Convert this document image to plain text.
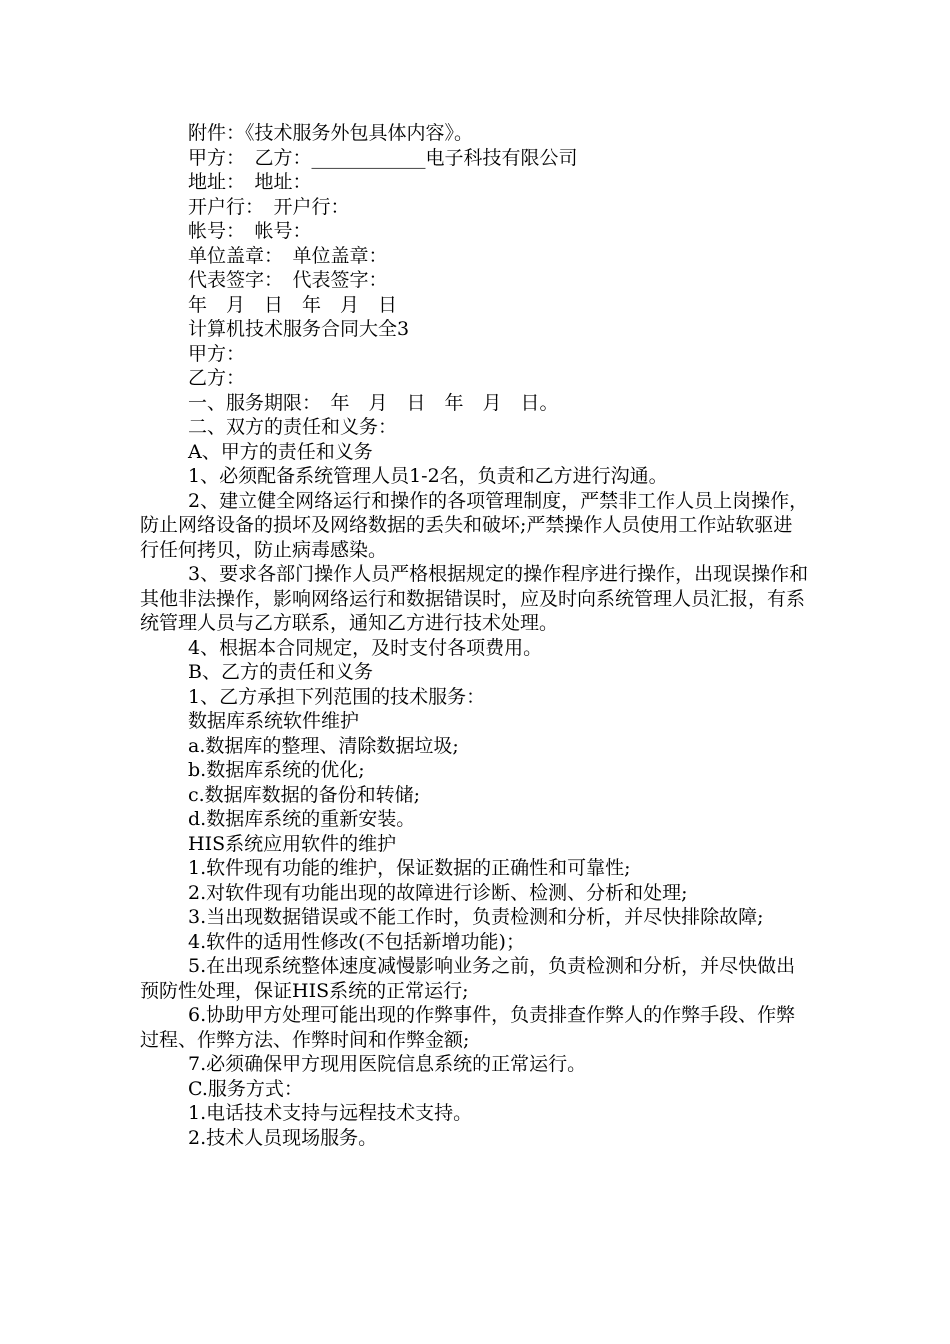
附件：《技术服务外包具体内容》。

甲方：　乙方：____________电子科技有限公司

地址：　地址：

开户行：　开户行：

帐号：　帐号：

单位盖章：　单位盖章：

代表签字：　代表签字：

年　月　日　年　月　日

计算机技术服务合同大全3

甲方：

乙方：

一、服务期限：　年　月　日　年　月　日。

二、双方的责任和义务：

A、甲方的责任和义务

1、必须配备系统管理人员1-2名，负责和乙方进行沟通。

2、建立健全网络运行和操作的各项管理制度，严禁非工作人员上岗操作，防止网络设备的损坏及网络数据的丢失和破坏;严禁操作人员使用工作站软驱进行任何拷贝，防止病毒感染。

3、要求各部门操作人员严格根据规定的操作程序进行操作，出现误操作和其他非法操作，影响网络运行和数据错误时，应及时向系统管理人员汇报，有系统管理人员与乙方联系，通知乙方进行技术处理。

4、根据本合同规定，及时支付各项费用。

B、乙方的责任和义务

1、乙方承担下列范围的技术服务：

数据库系统软件维护

a.数据库的整理、清除数据垃圾;

b.数据库系统的优化;

c.数据库数据的备份和转储;

d.数据库系统的重新安装。

HIS系统应用软件的维护

1.软件现有功能的维护，保证数据的正确性和可靠性;

2.对软件现有功能出现的故障进行诊断、检测、分析和处理;

3.当出现数据错误或不能工作时，负责检测和分析，并尽快排除故障;

4.软件的适用性修改(不包括新增功能)；

5.在出现系统整体速度减慢影响业务之前，负责检测和分析，并尽快做出预防性处理，保证HIS系统的正常运行;

6.协助甲方处理可能出现的作弊事件，负责排查作弊人的作弊手段、作弊过程、作弊方法、作弊时间和作弊金额;

7.必须确保甲方现用医院信息系统的正常运行。

C.服务方式：

1.电话技术支持与远程技术支持。

2.技术人员现场服务。
